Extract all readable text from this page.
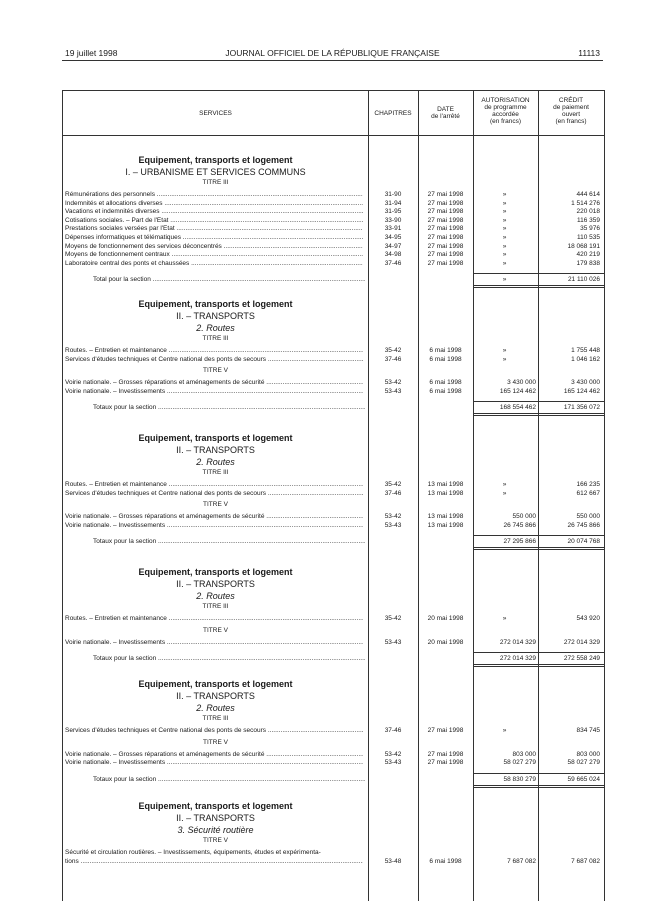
19 juillet 1998	JOURNAL OFFICIEL DE LA RÉPUBLIQUE FRANÇAISE	11113
SERVICES	CHAPITRES	DATE
de l'arrêté
AUTORISATION
de programme
accordée
(en francs)
CRÉDIT
de paiement
ouvert
(en francs)
Equipement, transports et logement
I. – URBANISME ET SERVICES COMMUNS
TITRE III
Rémunérations des personnels .....	31-90	27 mai 1998	»	444 614
Indemnités et allocations diverses .....	31-94	27 mai 1998	»	1 514 276
Vacations et indemnités diverses .....	31-95	27 mai 1998	»	220 018
Cotisations sociales. – Part de l'Etat .....	33-90	27 mai 1998	»	116 359
Prestations sociales versées par l'Etat .....	33-91	27 mai 1998	»	35 976
Dépenses informatiques et télématiques .....	34-95	27 mai 1998	»	110 535
Moyens de fonctionnement des services déconcentrés .....	34-97	27 mai 1998	»	18 068 191
Moyens de fonctionnement centraux .....	34-98	27 mai 1998	»	420 219
Laboratoire central des ponts et chaussées .....	37-46	27 mai 1998	»	179 838
Total pour la section .....	»	21 110 026
Equipement, transports et logement
II. – TRANSPORTS
2. Routes
TITRE III
Routes. – Entretien et maintenance .....	35-42	6 mai 1998	»	1 755 448
Services d'études techniques et Centre national des ponts de secours .....	37-46	6 mai 1998	»	1 046 162
TITRE V
Voirie nationale. – Grosses réparations et aménagements de sécurité .....	53-42	6 mai 1998	3 430 000	3 430 000
Voirie nationale. – Investissements .....	53-43	6 mai 1998	165 124 462	165 124 462
Totaux pour la section .....	168 554 462	171 356 072
Equipement, transports et logement
II. – TRANSPORTS
2. Routes
TITRE III
Routes. – Entretien et maintenance .....	35-42	13 mai 1998	»	166 235
Services d'études techniques et Centre national des ponts de secours .....	37-46	13 mai 1998	»	612 667
TITRE V
Voirie nationale. – Grosses réparations et aménagements de sécurité .....	53-42	13 mai 1998	550 000	550 000
Voirie nationale. – Investissements .....	53-43	13 mai 1998	26 745 866	26 745 866
Totaux pour la section .....	27 295 866	20 074 768
Equipement, transports et logement
II. – TRANSPORTS
2. Routes
TITRE III
Routes. – Entretien et maintenance .....	35-42	20 mai 1998	»	543 920
TITRE V
Voirie nationale. – Investissements .....	53-43	20 mai 1998	272 014 329	272 014 329
Totaux pour la section .....	272 014 329	272 558 249
Equipement, transports et logement
II. – TRANSPORTS
2. Routes
TITRE III
Services d'études techniques et Centre national des ponts de secours .....	37-46	27 mai 1998	»	834 745
TITRE V
Voirie nationale. – Grosses réparations et aménagements de sécurité .....	53-42	27 mai 1998	803 000	803 000
Voirie nationale. – Investissements .....	53-43	27 mai 1998	58 027 279	58 027 279
Totaux pour la section .....	58 830 279	59 665 024
Equipement, transports et logement
II. – TRANSPORTS
3. Sécurité routière
TITRE V
Sécurité et circulation routières. – Investissements, équipements, études et expérimenta-
tions .....	53-48	6 mai 1998	7 687 082	7 687 082
